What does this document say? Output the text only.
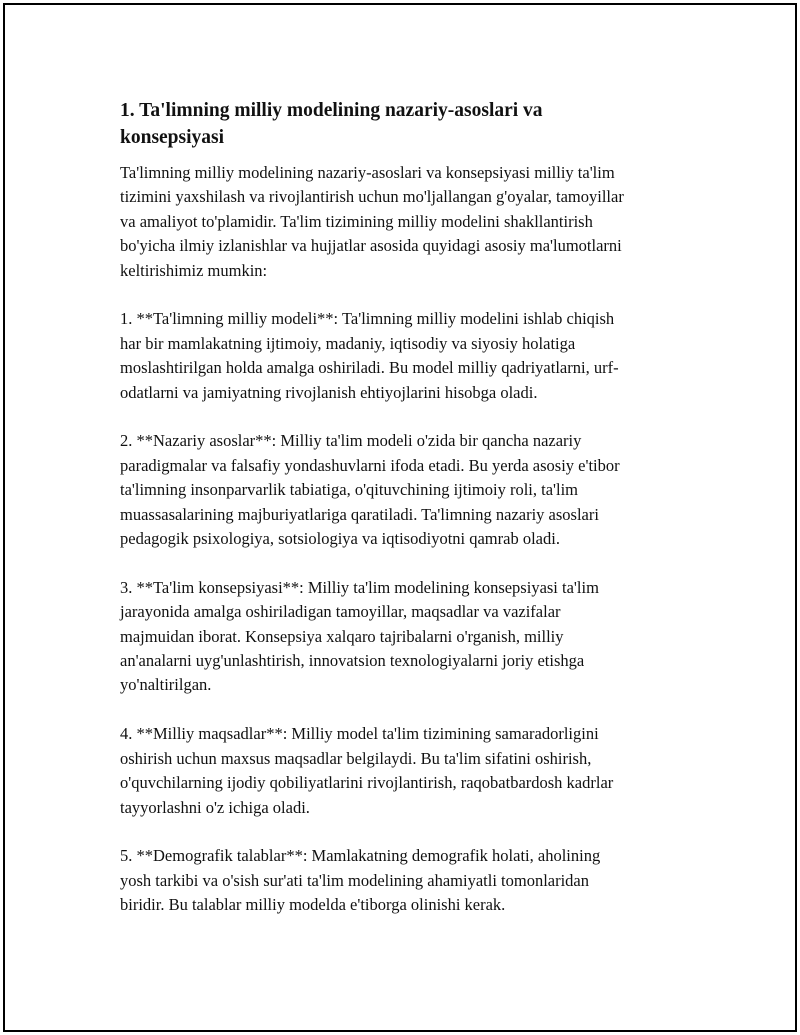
1. Ta'limning milliy modelining nazariy-asoslari va
konsepsiyasi

Ta'limning milliy modelining nazariy-asoslari va konsepsiyasi milliy ta'lim
tizimini yaxshilash va rivojlantirish uchun mo'ljallangan g'oyalar, tamoyillar
va amaliyot to'plamidir. Ta'lim tizimining milliy modelini shakllantirish
bo'yicha ilmiy izlanishlar va hujjatlar asosida quyidagi asosiy ma'lumotlarni
keltirishimiz mumkin:

1. **Ta'limning milliy modeli**: Ta'limning milliy modelini ishlab chiqish
har bir mamlakatning ijtimoiy, madaniy, iqtisodiy va siyosiy holatiga
moslashtirilgan holda amalga oshiriladi. Bu model milliy qadriyatlarni, urf-
odatlarni va jamiyatning rivojlanish ehtiyojlarini hisobga oladi.

2. **Nazariy asoslar**: Milliy ta'lim modeli o'zida bir qancha nazariy
paradigmalar va falsafiy yondashuvlarni ifoda etadi. Bu yerda asosiy e'tibor
ta'limning insonparvarlik tabiatiga, o'qituvchining ijtimoiy roli, ta'lim
muassasalarining majburiyatlariga qaratiladi. Ta'limning nazariy asoslari
pedagogik psixologiya, sotsiologiya va iqtisodiyotni qamrab oladi.

3. **Ta'lim konsepsiyasi**: Milliy ta'lim modelining konsepsiyasi ta'lim
jarayonida amalga oshiriladigan tamoyillar, maqsadlar va vazifalar
majmuidan iborat. Konsepsiya xalqaro tajribalarni o'rganish, milliy
an'analarni uyg'unlashtirish, innovatsion texnologiyalarni joriy etishga
yo'naltirilgan.

4. **Milliy maqsadlar**: Milliy model ta'lim tizimining samaradorligini
oshirish uchun maxsus maqsadlar belgilaydi. Bu ta'lim sifatini oshirish,
o'quvchilarning ijodiy qobiliyatlarini rivojlantirish, raqobatbardosh kadrlar
tayyorlashni o'z ichiga oladi.

5. **Demografik talablar**: Mamlakatning demografik holati, aholining
yosh tarkibi va o'sish sur'ati ta'lim modelining ahamiyatli tomonlaridan
biridir. Bu talablar milliy modelda e'tiborga olinishi kerak.
